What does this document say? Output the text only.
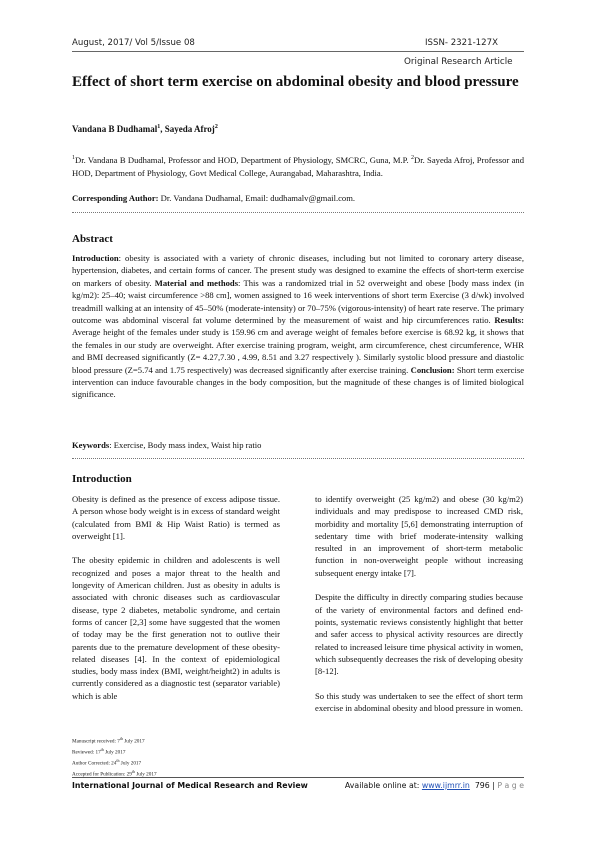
August, 2017/ Vol 5/Issue 08	ISSN- 2321-127X
Original Research Article
Effect of short term exercise on abdominal obesity and blood pressure
Vandana B Dudhamal$^1$, Sayeda Afroj$^2$
$^1$Dr. Vandana B Dudhamal, Professor and HOD, Department of Physiology, SMCRC, Guna, M.P. $^2$Dr. Sayeda Afroj, Professor and HOD, Department of Physiology, Govt Medical College, Aurangabad, Maharashtra, India.
Corresponding Author: Dr. Vandana Dudhamal, Email: dudhamalv@gmail.com.
Abstract
Introduction: obesity is associated with a variety of chronic diseases, including but not limited to coronary artery disease, hypertension, diabetes, and certain forms of cancer. The present study was designed to examine the effects of short-term exercise on markers of obesity. Material and methods: This was a randomized trial in 52 overweight and obese [body mass index (in kg/m2): 25–40; waist circumference >88 cm], women assigned to 16 week interventions of short term Exercise (3 d/wk) involved treadmill walking at an intensity of 45–50% (moderate-intensity) or 70–75% (vigorous-intensity) of heart rate reserve. The primary outcome was abdominal visceral fat volume determined by the measurement of waist and hip circumferences ratio. Results: Average height of the females under study is 159.96 cm and average weight of females before exercise is 68.92 kg, it shows that the females in our study are overweight. After exercise training program, weight, arm circumference, chest circumference, WHR and BMI decreased significantly (Z= 4.27,7.30 , 4.99, 8.51 and 3.27 respectively ). Similarly systolic blood pressure and diastolic blood pressure (Z=5.74 and 1.75 respectively) was decreased significantly after exercise training. Conclusion: Short term exercise intervention can induce favourable changes in the body composition, but the magnitude of these changes is of limited biological significance.
Keywords: Exercise, Body mass index, Waist hip ratio
Introduction

Obesity is defined as the presence of excess adipose tissue. A person whose body weight is in excess of standard weight (calculated from BMI & Hip Waist Ratio) is termed as overweight [1].

The obesity epidemic in children and adolescents is well recognized and poses a major threat to the health and longevity of American children. Just as obesity in adults is associated with chronic diseases such as cardiovascular disease, type 2 diabetes, metabolic syndrome, and certain forms of cancer [2,3] some have suggested that the women of today may be the first generation not to outlive their parents due to the premature development of these obesity-related diseases [4]. In the context of epidemiological studies, body mass index (BMI, weight/height2) in adults is currently considered as a diagnostic test (separator variable) which is able

to identify overweight (25 kg/m2) and obese (30 kg/m2) individuals and may predispose to increased CMD risk, morbidity and mortality [5,6] demonstrating interruption of sedentary time with brief moderate-intensity walking resulted in an improvement of short-term metabolic function in non-overweight people without increasing subsequent energy intake [7].

Despite the difficulty in directly comparing studies because of the variety of environmental factors and defined end-points, systematic reviews consistently highlight that better and safer access to physical activity resources are directly related to increased leisure time physical activity in women, which subsequently decreases the risk of developing obesity [8-12].

So this study was undertaken to see the effect of short term exercise in abdominal obesity and blood pressure in women.

Manuscript received: 7th July 2017
Reviewed: 17th July 2017
Author Corrected: 24th July 2017
Accepted for Publication: 29th July 2017
International Journal of Medical Research and Review	Available online at: www.ijmrr.in 796 | P a g e
